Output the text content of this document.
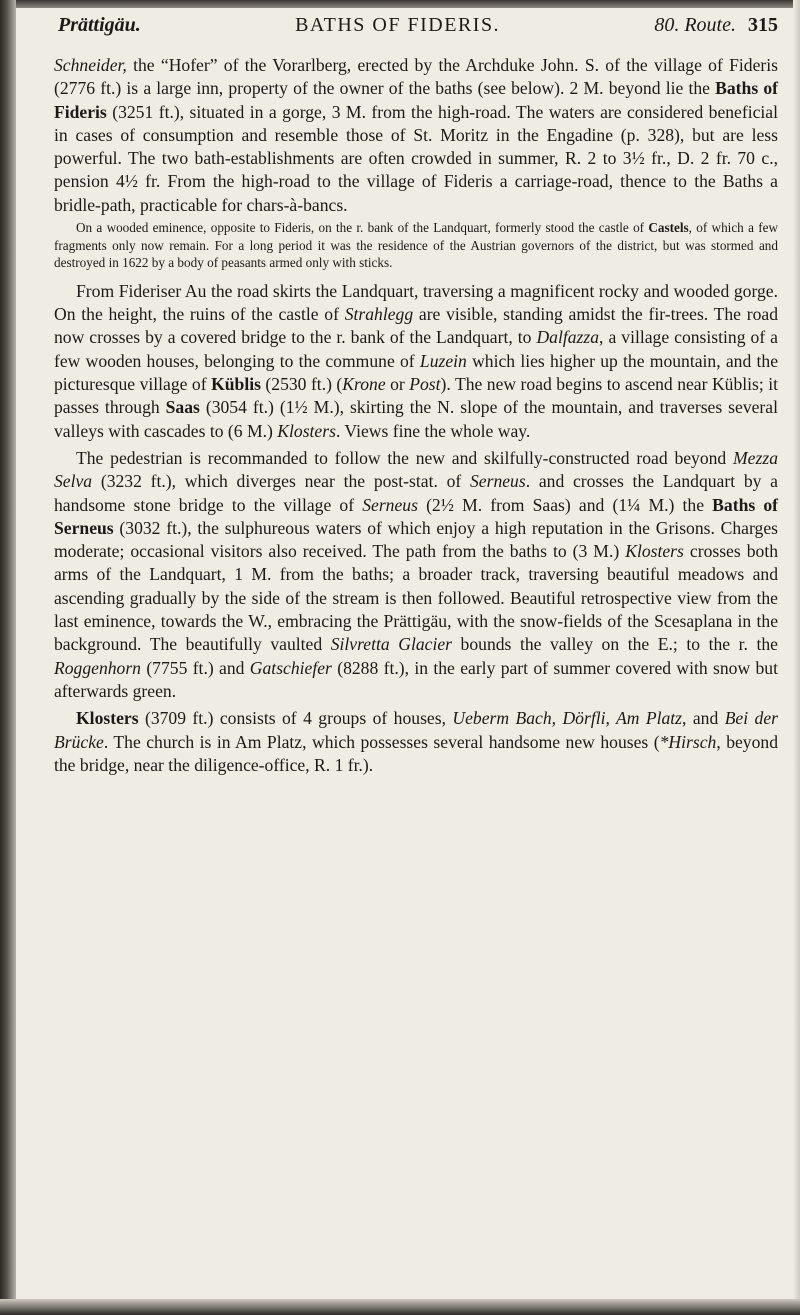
Prättigäu.	BATHS OF FIDERIS.	80. Route. 315

Schneider, the “Hofer” of the Vorarlberg, erected by the Archduke John. S. of the village of Fideris (2776 ft.) is a large inn, property of the owner of the baths (see below). 2 M. beyond lie the Baths of Fideris (3251 ft.), situated in a gorge, 3 M. from the high-road. The waters are considered beneficial in cases of consumption and resemble those of St. Moritz in the Engadine (p. 328), but are less powerful. The two bath-establishments are often crowded in summer, R. 2 to 3½ fr., D. 2 fr. 70 c., pension 4½ fr. From the high-road to the village of Fideris a carriage-road, thence to the Baths a bridle-path, practicable for chars-à-bancs.

On a wooded eminence, opposite to Fideris, on the r. bank of the Landquart, formerly stood the castle of Castels, of which a few fragments only now remain. For a long period it was the residence of the Austrian governors of the district, but was stormed and destroyed in 1622 by a body of peasants armed only with sticks.

From Fideriser Au the road skirts the Landquart, traversing a magnificent rocky and wooded gorge. On the height, the ruins of the castle of Strahlegg are visible, standing amidst the fir-trees. The road now crosses by a covered bridge to the r. bank of the Landquart, to Dalfazza, a village consisting of a few wooden houses, belonging to the commune of Luzein which lies higher up the mountain, and the picturesque village of Küblis (2530 ft.) (Krone or Post). The new road begins to ascend near Küblis; it passes through Saas (3054 ft.) (1½ M.), skirting the N. slope of the mountain, and traverses several valleys with cascades to (6 M.) Klosters. Views fine the whole way.

The pedestrian is recommanded to follow the new and skilfully-constructed road beyond Mezza Selva (3232 ft.), which diverges near the post-stat. of Serneus. and crosses the Landquart by a handsome stone bridge to the village of Serneus (2½ M. from Saas) and (1¼ M.) the Baths of Serneus (3032 ft.), the sulphureous waters of which enjoy a high reputation in the Grisons. Charges moderate; occasional visitors also received. The path from the baths to (3 M.) Klosters crosses both arms of the Landquart, 1 M. from the baths; a broader track, traversing beautiful meadows and ascending gradually by the side of the stream is then followed. Beautiful retrospective view from the last eminence, towards the W., embracing the Prättigäu, with the snow-fields of the Scesaplana in the background. The beautifully vaulted Silvretta Glacier bounds the valley on the E.; to the r. the Roggenhorn (7755 ft.) and Gatschiefer (8288 ft.), in the early part of summer covered with snow but afterwards green.

Klosters (3709 ft.) consists of 4 groups of houses, Ueberm Bach, Dörfli, Am Platz, and Bei der Brücke. The church is in Am Platz, which possesses several handsome new houses (*Hirsch, beyond the bridge, near the diligence-office, R. 1 fr.).
